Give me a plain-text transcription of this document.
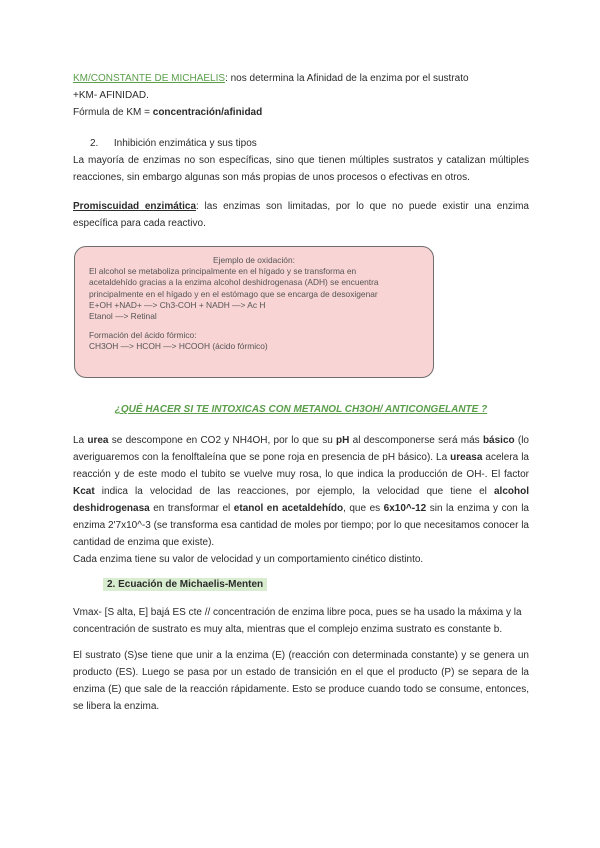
KM/CONSTANTE DE MICHAELIS: nos determina la Afinidad de la enzima por el sustrato

+KM- AFINIDAD.

Fórmula de KM = concentración/afinidad

2. Inhibición enzimática y sus tipos

La mayoría de enzimas no son específicas, sino que tienen múltiples sustratos y catalizan múltiples reacciones, sin embargo algunas son más propias de unos procesos o efectivas en otros.

Promiscuidad enzimática: las enzimas son limitadas, por lo que no puede existir una enzima específica para cada reactivo.

Ejemplo de oxidación:

El alcohol se metaboliza principalmente en el hígado y se transforma en

acetaldehído gracias a la enzima alcohol deshidrogenasa (ADH) se encuentra

principalmente en el hígado y en el estómago que se encarga de desoxigenar

E+OH +NAD+ —> Ch3-COH + NADH —> Ac H

Etanol —> Retinal

Formación del ácido fórmico:

CH3OH —> HCOH —> HCOOH (ácido fórmico)

¿QUÉ HACER SI TE INTOXICAS CON METANOL CH3OH/ ANTICONGELANTE ?

La urea se descompone en CO2 y NH4OH, por lo que su pH al descomponerse será más básico (lo averiguaremos con la fenolftaleína que se pone roja en presencia de pH básico). La ureasa acelera la reacción y de este modo el tubito se vuelve muy rosa, lo que indica la producción de OH-. El factor Kcat indica la velocidad de las reacciones, por ejemplo, la velocidad que tiene el alcohol deshidrogenasa en transformar el etanol en acetaldehído, que es 6x10^-12 sin la enzima y con la enzima 2'7x10^-3 (se transforma esa cantidad de moles por tiempo; por lo que necesitamos conocer la cantidad de enzima que existe).

Cada enzima tiene su valor de velocidad y un comportamiento cinético distinto.

2. Ecuación de Michaelis-Menten

Vmax- [S alta, E] bajá ES cte // concentración de enzima libre poca, pues se ha usado la máxima y la concentración de sustrato es muy alta, mientras que el complejo enzima sustrato es constante b.

El sustrato (S)se tiene que unir a la enzima (E) (reacción con determinada constante) y se genera un producto (ES). Luego se pasa por un estado de transición en el que el producto (P) se separa de la enzima (E) que sale de la reacción rápidamente. Esto se produce cuando todo se consume, entonces, se libera la enzima.
